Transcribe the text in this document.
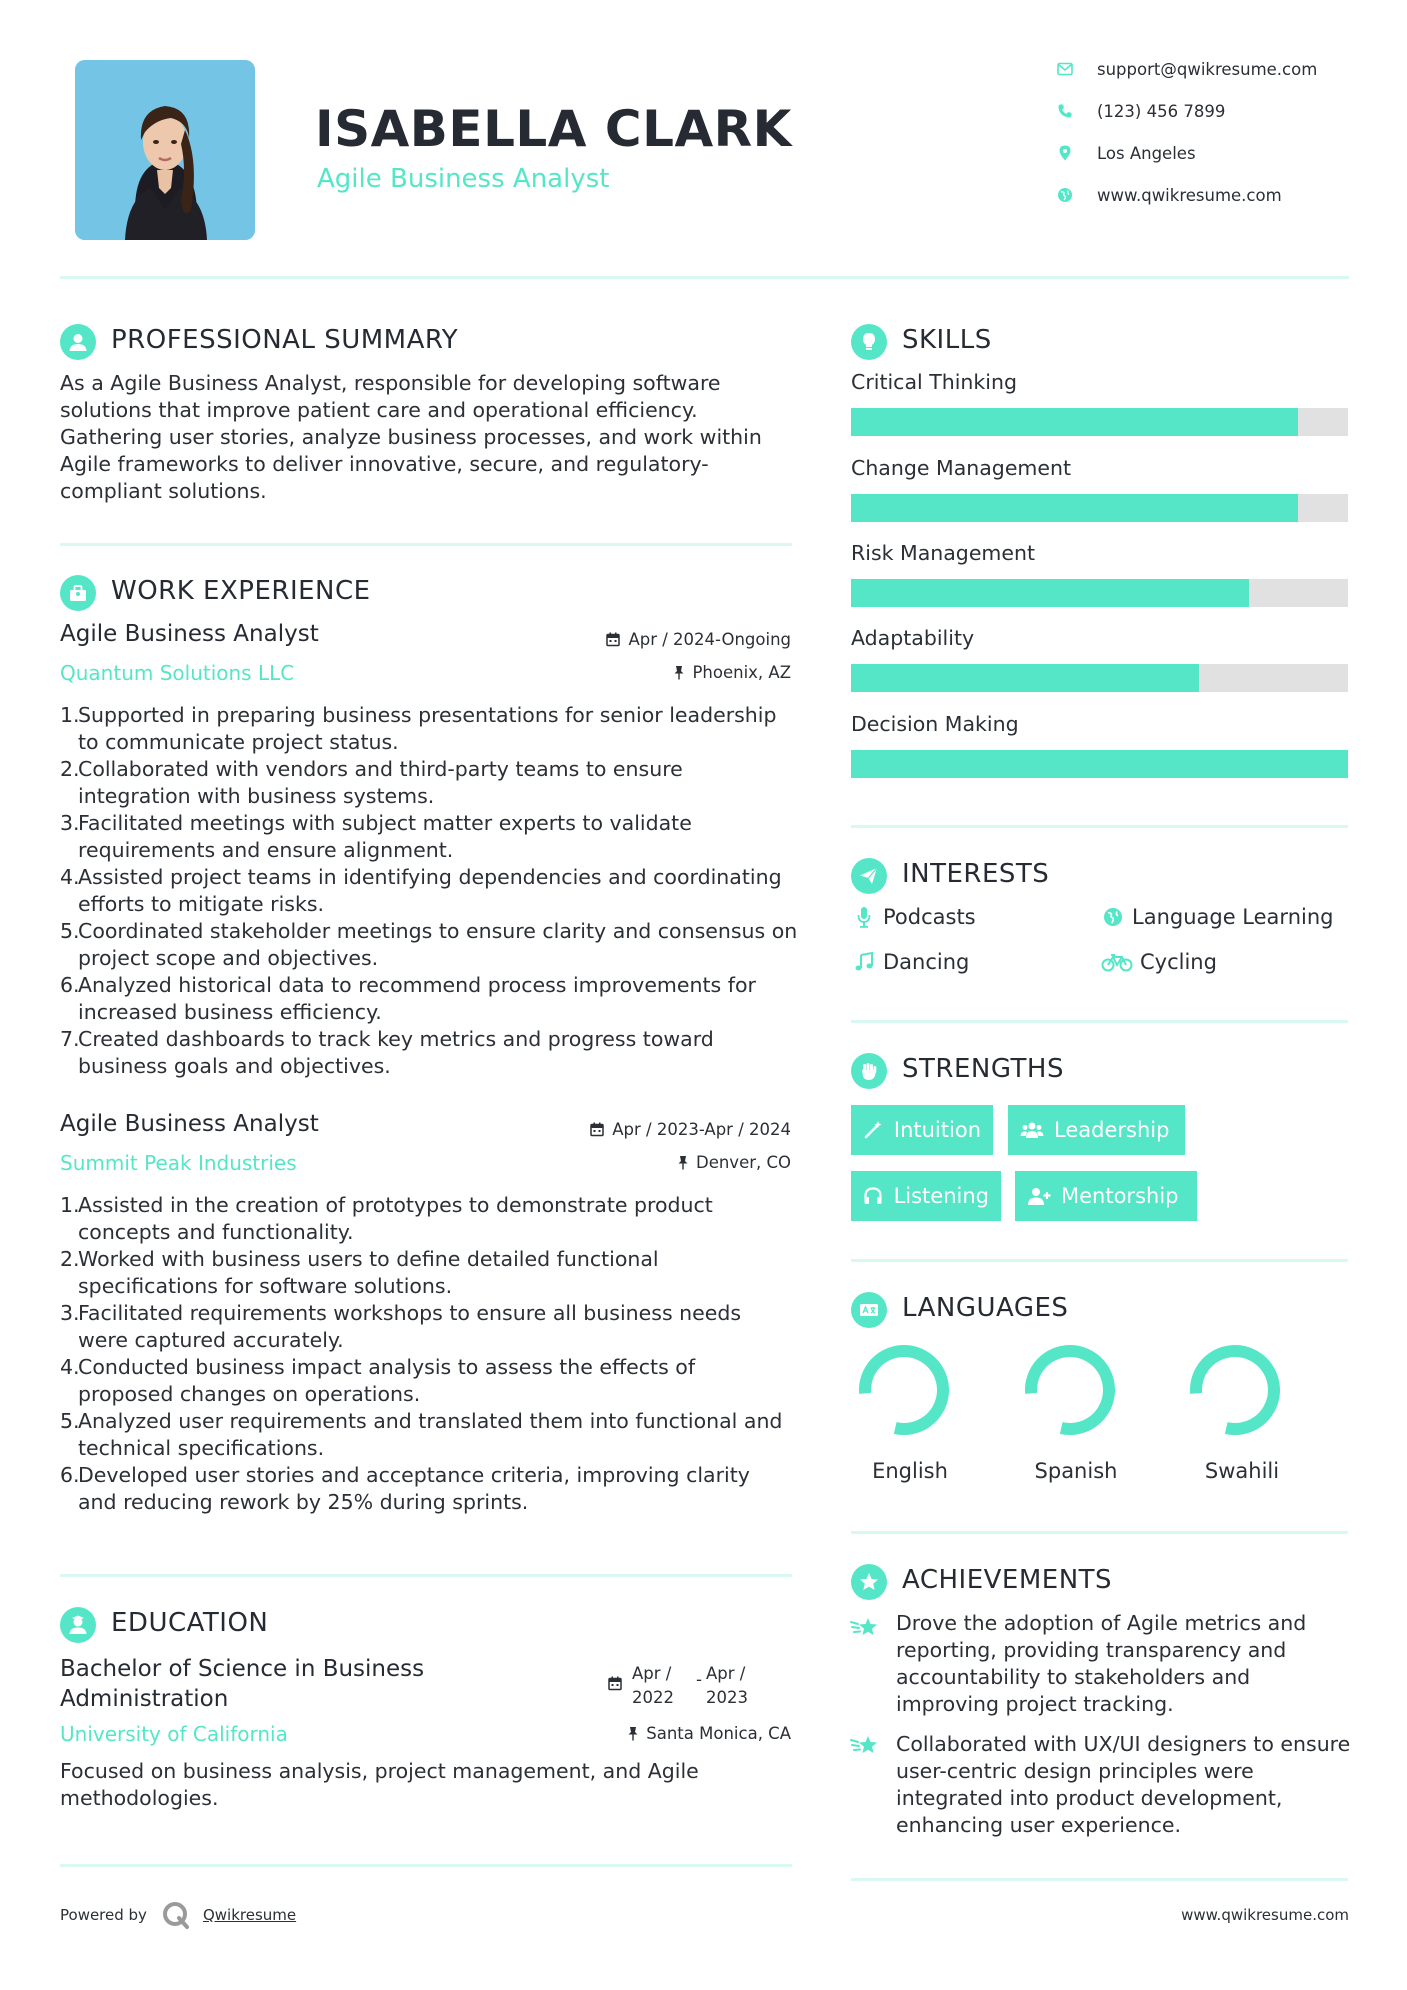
ISABELLA CLARK
Agile Business Analyst
support@qwikresume.com
(123) 456 7899
Los Angeles
www.qwikresume.com
PROFESSIONAL SUMMARY
As a Agile Business Analyst, responsible for developing software solutions that improve patient care and operational efficiency. Gathering user stories, analyze business processes, and work within Agile frameworks to deliver innovative, secure, and regulatory-compliant solutions.
WORK EXPERIENCE
Agile Business Analyst	Apr / 2024-Ongoing
Quantum Solutions LLC	Phoenix, AZ
1.
Supported in preparing business presentations for senior leadership to communicate project status.
2.
Collaborated with vendors and third-party teams to ensure integration with business systems.
3.
Facilitated meetings with subject matter experts to validate requirements and ensure alignment.
4.
Assisted project teams in identifying dependencies and coordinating efforts to mitigate risks.
5.
Coordinated stakeholder meetings to ensure clarity and consensus on project scope and objectives.
6.
Analyzed historical data to recommend process improvements for increased business efficiency.
7.
Created dashboards to track key metrics and progress toward business goals and objectives.
Agile Business Analyst	Apr / 2023-Apr / 2024
Summit Peak Industries	Denver, CO
1.
Assisted in the creation of prototypes to demonstrate product concepts and functionality.
2.
Worked with business users to define detailed functional specifications for software solutions.
3.
Facilitated requirements workshops to ensure all business needs were captured accurately.
4.
Conducted business impact analysis to assess the effects of proposed changes on operations.
5.
Analyzed user requirements and translated them into functional and technical specifications.
6.
Developed user stories and acceptance criteria, improving clarity and reducing rework by 25% during sprints.
EDUCATION
Bachelor of Science in Business Administration
Apr / 2022
- Apr / 2023
University of California	Santa Monica, CA
Focused on business analysis, project management, and Agile methodologies.
SKILLS
Critical Thinking
Change Management
Risk Management
Adaptability
Decision Making
INTERESTS
Podcasts	Language Learning
Dancing	Cycling
STRENGTHS
Intuition	Leadership
Listening	Mentorship
LANGUAGES
English	Spanish	Swahili
ACHIEVEMENTS
Drove the adoption of Agile metrics and reporting, providing transparency and accountability to stakeholders and improving project tracking.
Collaborated with UX/UI designers to ensure user-centric design principles were integrated into product development, enhancing user experience.
Powered by	Qwikresume	www.qwikresume.com
